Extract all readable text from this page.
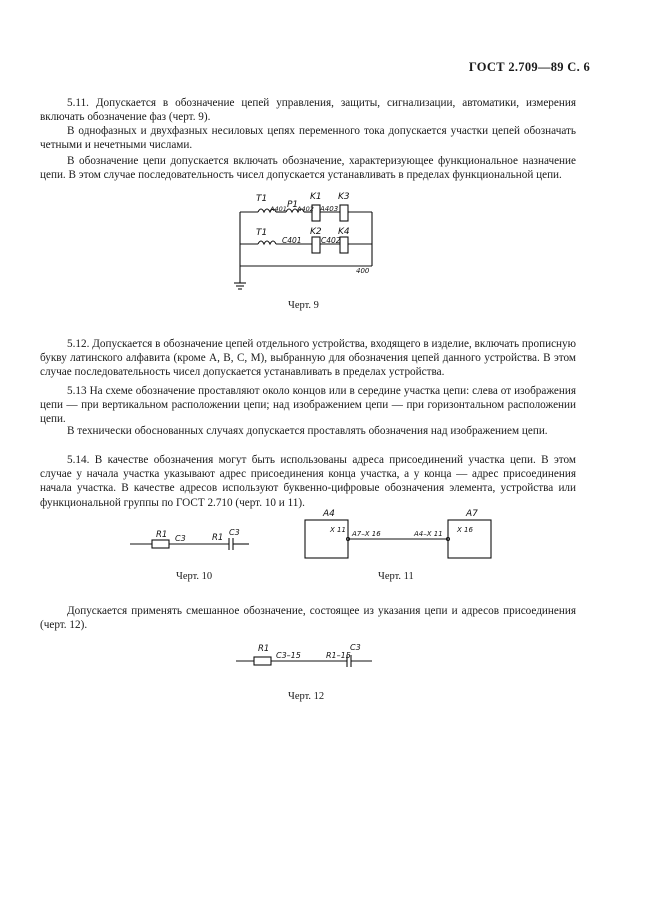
ГОСТ 2.709—89 С. 6

5.11. Допускается в обозначение цепей управления, защиты, сигнализации, автоматики, измерения включать обозначение фаз (черт. 9).

В однофазных и двухфазных несиловых цепях переменного тока допускается участки цепей обозначать четными и нечетными числами.

В обозначение цепи допускается включать обозначение, характеризующее функциональное назначение цепи. В этом случае последовательность чисел допускается устанавливать в пределах функциональной цепи.

T1
P1
K1 K3
A401 A402 A403
T1	K2 K4
C401	C402
400
R1 C3	R1
C3
A4	A7
X 11	X 16
A7–X 16	A4–X 11
R1
C3–15	R1–15
C3
Черт. 9

5.12. Допускается в обозначение цепей отдельного устройства, входящего в изделие, включать прописную букву латинского алфавита (кроме A, B, C, M), выбранную для обозначения цепей данного устройства. В этом случае последовательность чисел допускается устанавливать в пределах устройства.

5.13 На схеме обозначение проставляют около концов или в середине участка цепи: слева от изображения цепи — при вертикальном расположении цепи; над изображением цепи — при горизонтальном расположении цепи.

В технически обоснованных случаях допускается проставлять обозначения над изображением цепи.

5.14. В качестве обозначения могут быть использованы адреса присоединений участка цепи. В этом случае у начала участка указывают адрес присоединения конца участка, а у конца — адрес присоединения начала участка. В качестве адресов используют буквенно-цифровые обозначения элемента, устройства или функциональной группы по ГОСТ 2.710 (черт. 10 и 11).

Черт. 10	Черт. 11

Допускается применять смешанное обозначение, состоящее из указания цепи и адресов присоединения (черт. 12).

Черт. 12
